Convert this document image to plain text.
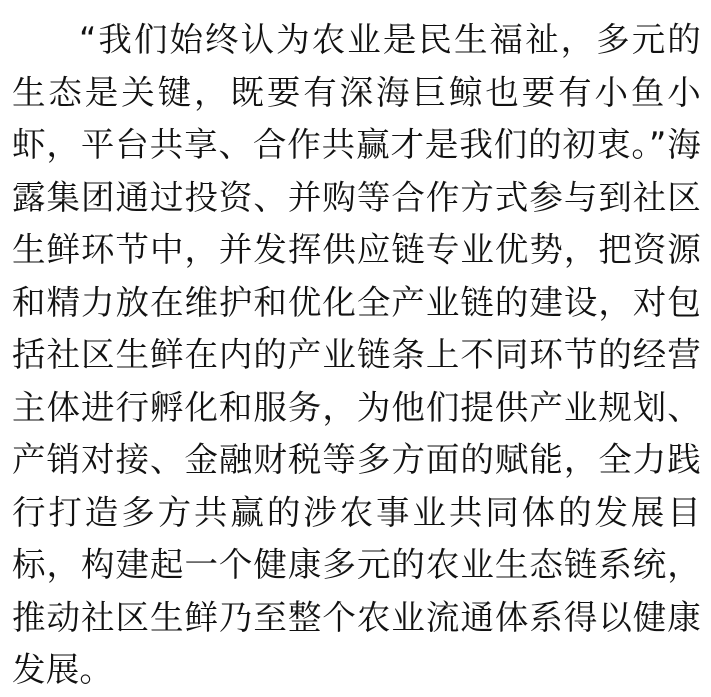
“我们始终认为农业是民生福祉，多元的生态是关键，既要有深海巨鲸也要有小鱼小虾，平台共享、合作共赢才是我们的初衷。”海露集团通过投资、并购等合作方式参与到社区生鲜环节中，并发挥供应链专业优势，把资源和精力放在维护和优化全产业链的建设，对包括社区生鲜在内的产业链条上不同环节的经营主体进行孵化和服务，为他们提供产业规划、产销对接、金融财税等多方面的赋能，全力践行打造多方共赢的涉农事业共同体的发展目标，构建起一个健康多元的农业生态链系统，推动社区生鲜乃至整个农业流通体系得以健康发展。
